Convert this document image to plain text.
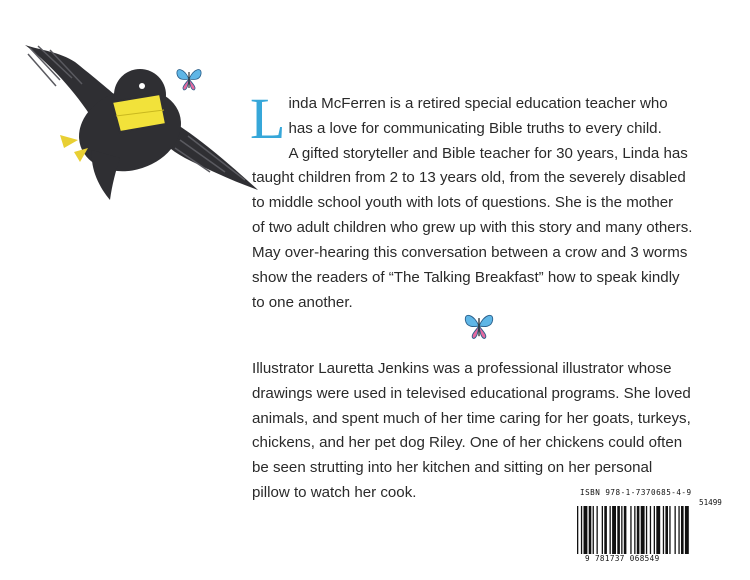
L inda McFerren is a retired special education teacher who
has a love for communicating Bible truths to every child.
A gifted storyteller and Bible teacher for 30 years, Linda has
taught children from 2 to 13 years old, from the severely disabled
to middle school youth with lots of questions. She is the mother
of two adult children who grew up with this story and many others.

May over-hearing this conversation between a crow and 3 worms
show the readers of “The Talking Breakfast” how to speak kindly
to one another.

Illustrator Lauretta Jenkins was a professional illustrator whose
drawings were used in televised educational programs. She loved
animals, and spent much of her time caring for her goats, turkeys,
chickens, and her pet dog Riley. One of her chickens could often
be seen strutting into her kitchen and sitting on her personal
pillow to watch her cook.	ISBN 978-1-7370685-4-9
51499
9 781737 068549
